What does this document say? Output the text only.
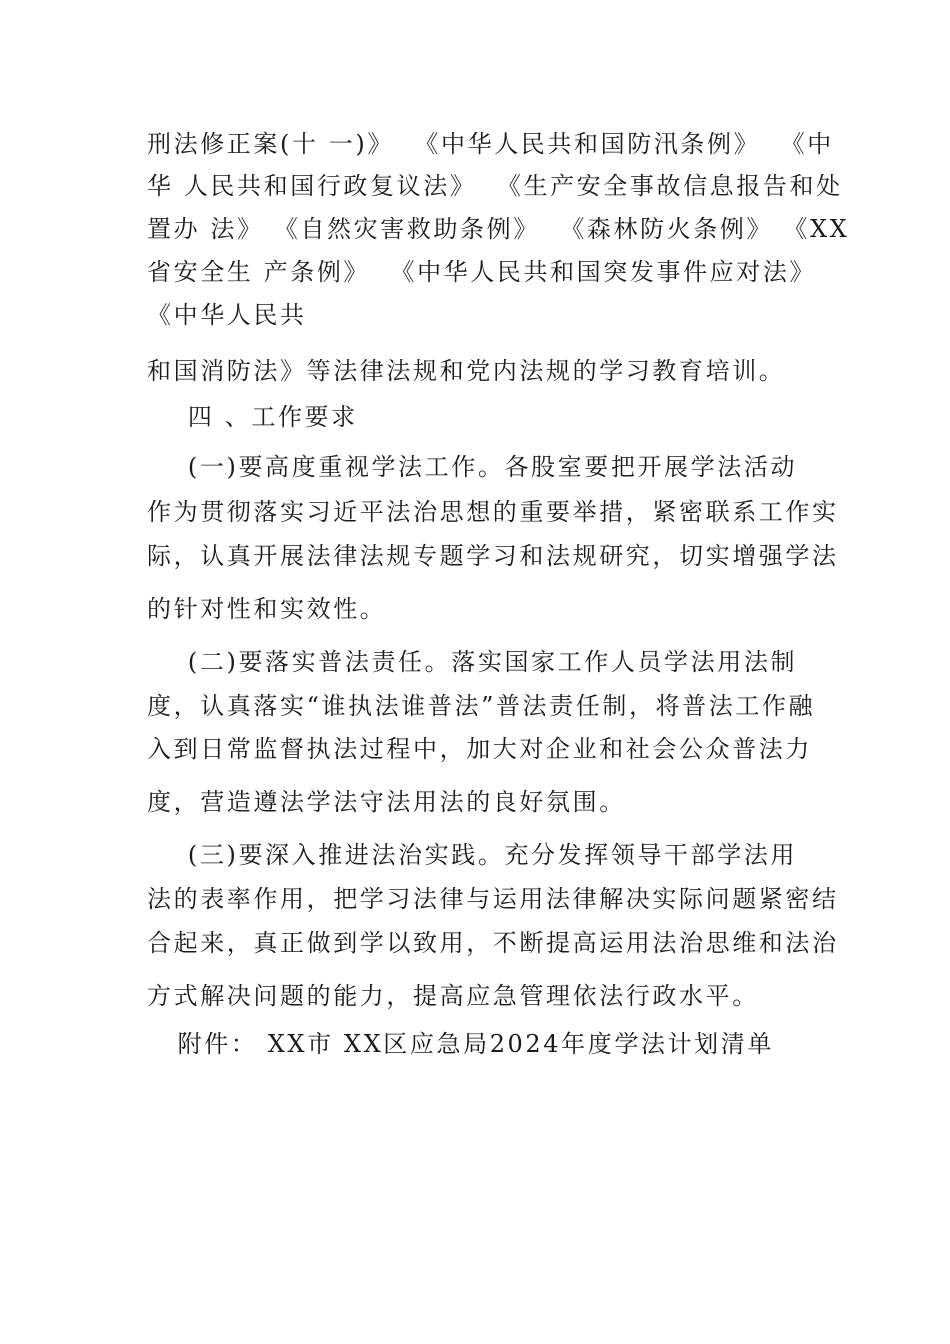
刑法修正案(十 一)》  《中华人民共和国防汛条例》  《中
华 人民共和国行政复议法》  《生产安全事故信息报告和处
置办 法》 《自然灾害救助条例》  《森林防火条例》 《XX
省安全生 产条例》  《中华人民共和国突发事件应对法》
《中华人民共
和国消防法》等法律法规和党内法规的学习教育培训。
四 、工作要求
(一)要高度重视学法工作。各股室要把开展学法活动
作为贯彻落实习近平法治思想的重要举措，紧密联系工作实
际，认真开展法律法规专题学习和法规研究，切实增强学法
的针对性和实效性。
(二)要落实普法责任。落实国家工作人员学法用法制
度，认真落实“谁执法谁普法”普法责任制，将普法工作融
入到日常监督执法过程中，加大对企业和社会公众普法力
度，营造遵法学法守法用法的良好氛围。
(三)要深入推进法治实践。充分发挥领导干部学法用
法的表率作用，把学习法律与运用法律解决实际问题紧密结
合起来，真正做到学以致用，不断提高运用法治思维和法治
方式解决问题的能力，提高应急管理依法行政水平。
附件： XX市 XX区应急局2024年度学法计划清单
